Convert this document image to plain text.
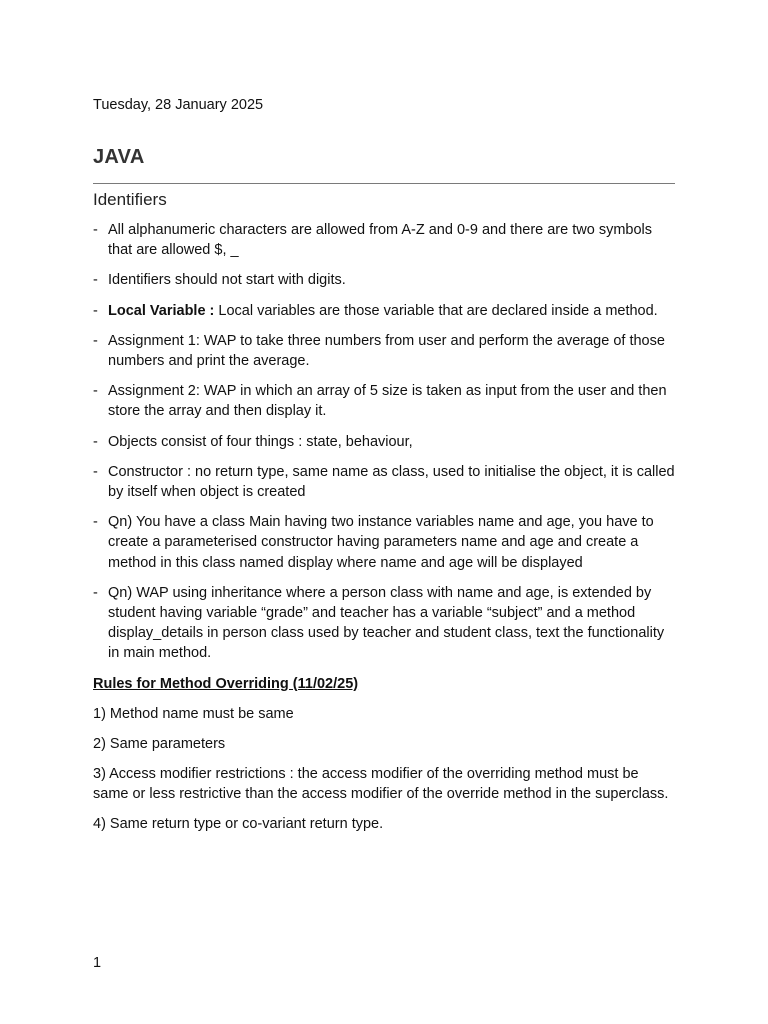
Tuesday, 28 January 2025
JAVA
Identifiers
- All alphanumeric characters are allowed from A-Z and 0-9 and there are two symbols that are allowed $, _
- Identifiers should not start with digits.
- Local Variable : Local variables are those variable that are declared inside a method.
- Assignment 1: WAP to take three numbers from user and perform the average of those numbers and print the average.
- Assignment 2: WAP in which an array of 5 size is taken as input from the user and then store the array and then display it.
- Objects consist of four things : state, behaviour,
- Constructor : no return type, same name as class, used to initialise the object, it is called by itself when object is created
- Qn) You have a class Main having two instance variables name and age, you have to create a parameterised constructor having parameters name and age and create a method in this class named display where name and age will be displayed
- Qn) WAP using inheritance where a person class with name and age, is extended by student having variable “grade” and teacher has a variable “subject” and a method display_details in person class used by teacher and student class, text the functionality in main method.
Rules for Method Overriding (11/02/25)
1) Method name must be same
2) Same parameters
3) Access modifier restrictions : the access modifier of the overriding method must be same or less restrictive than the access modifier of the override method in the superclass.
4) Same return type or co-variant return type.
1
